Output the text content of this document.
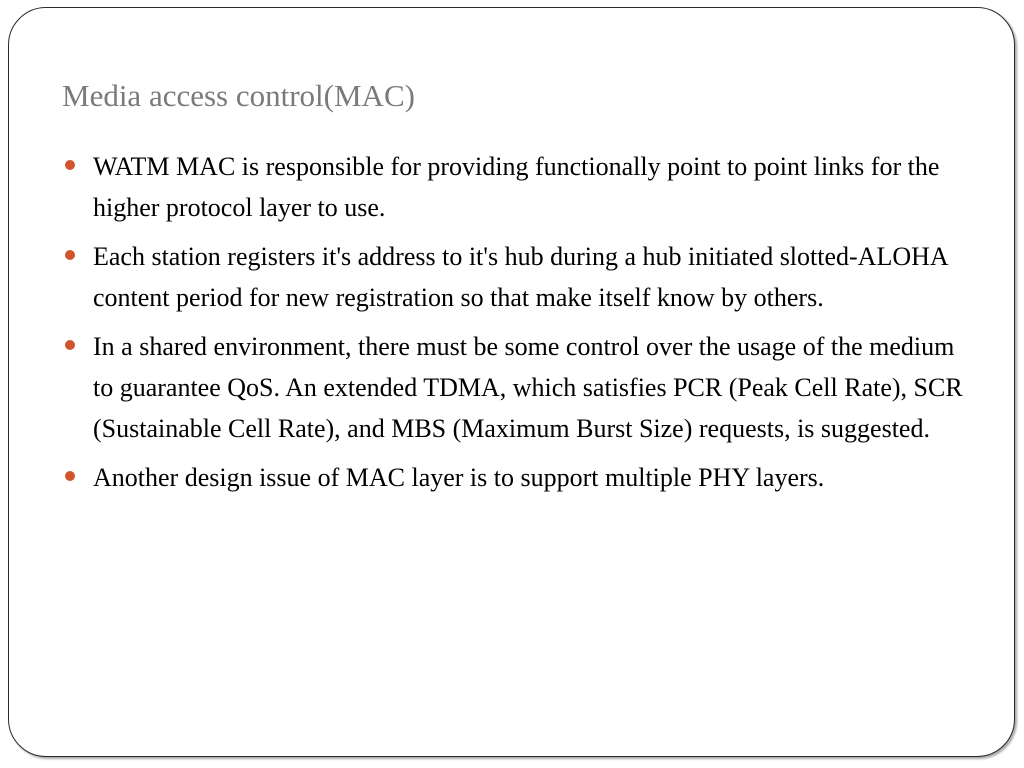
Media access control(MAC)
WATM MAC is responsible for providing functionally point to point links for the higher protocol layer to use.
Each station registers it's address to it's hub during a hub initiated slotted-ALOHA content period for new registration so that make itself know by others.
In a shared environment, there must be some control over the usage of the medium to guarantee QoS. An extended TDMA, which satisfies PCR (Peak Cell Rate), SCR (Sustainable Cell Rate), and MBS (Maximum Burst Size) requests, is suggested.
Another design issue of MAC layer is to support multiple PHY layers.
